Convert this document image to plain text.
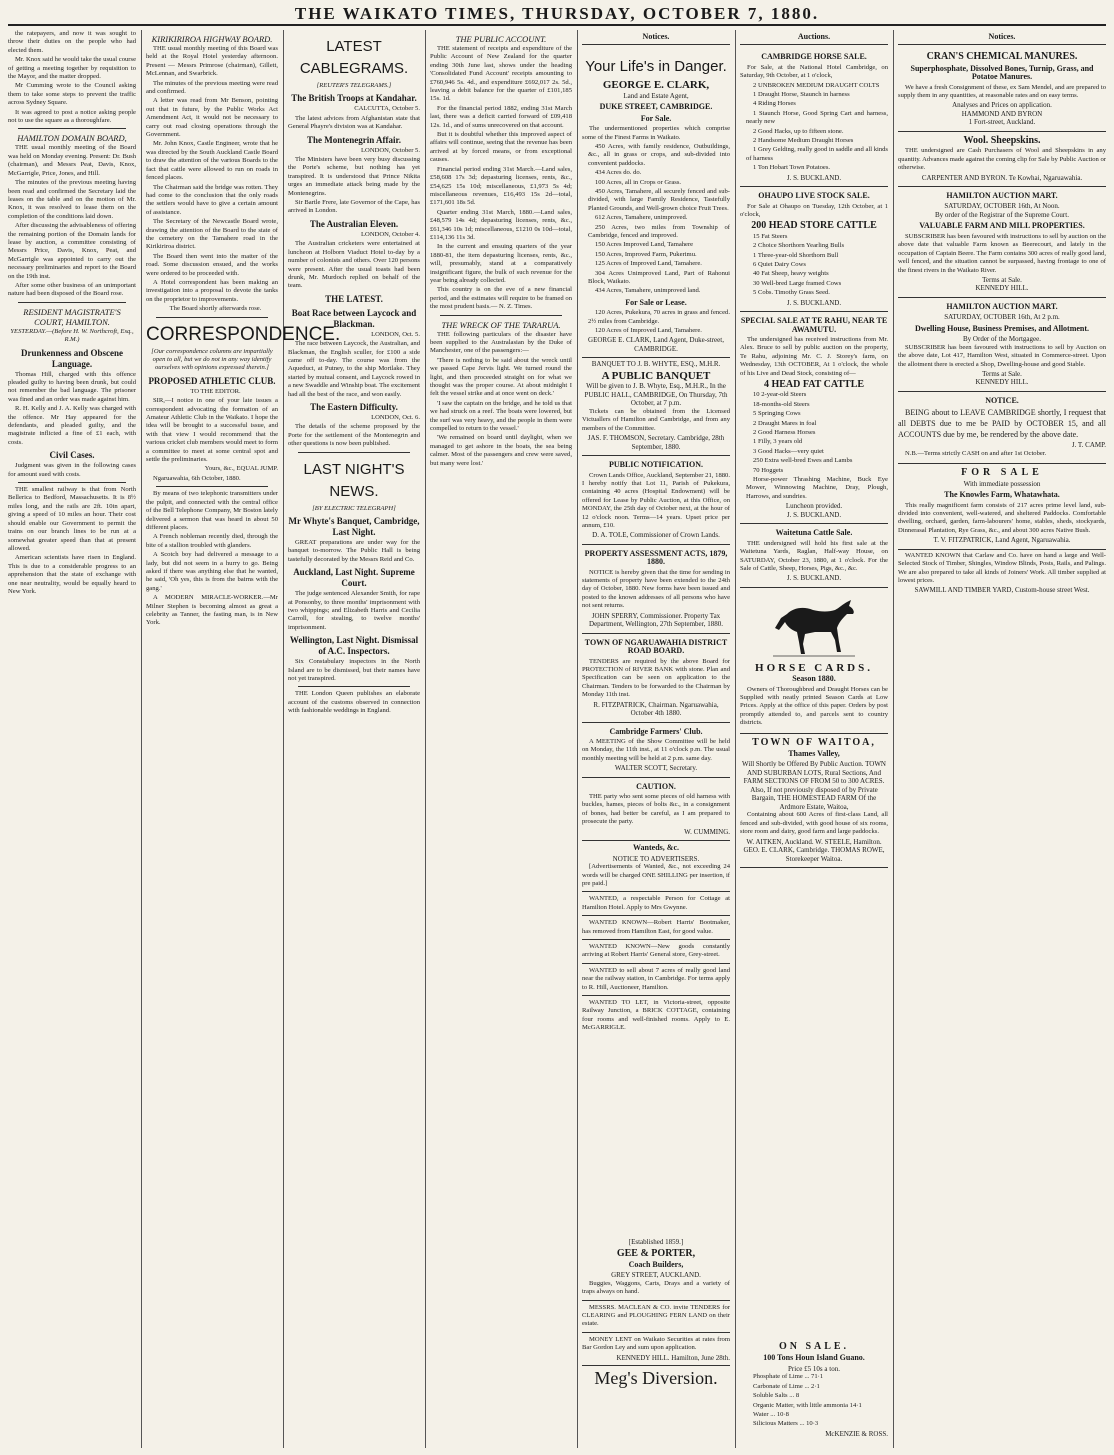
THE WAIKATO TIMES, THURSDAY, OCTOBER 7, 1880.

the ratepayers, and now it was sought to throw their duties on the people who had elected them.

Mr. Knox said he would take the usual course of getting a meeting together by requisition to the Mayor, and the matter dropped.

Mr Cumming wrote to the Council asking them to take some steps to prevent the traffic across Sydney Square.

It was agreed to post a notice asking people not to use the square as a thoroughfare.

HAMILTON DOMAIN BOARD,

THE usual monthly meeting of the Board was held on Monday evening. Present: Dr. Bush (chairman), and Messrs Peat, Davis, Knox, McGarrigle, Price, Jones, and Hill.

The minutes of the previous meeting having been read and confirmed the Secretary laid the leases on the table and on the motion of Mr. Knox, it was resolved to lease them on the completion of the conditions laid down.

After discussing the advisableness of offering the remaining portion of the Domain lands for lease by auction, a committee consisting of Messrs Price, Davis, Knox, Peat, and McGarrigle was appointed to carry out the necessary preliminaries and report to the Board on the 19th inst.

After some other business of an unimportant nature had been disposed of the Board rose.

RESIDENT MAGISTRATE'S COURT, HAMILTON.
YESTERDAY.—(Before H. W. Northcroft, Esq., R.M.)
Drunkenness and Obscene Language.

Thomas Hill, charged with this offence pleaded guilty to having been drunk, but could not remember the bad language. The prisoner was fined and an order was made against him.

R. H. Kelly and J. A. Kelly was charged with the offence. Mr Hay appeared for the defendants, and pleaded guilty, and the magistrate inflicted a fine of £1 each, with costs.

Civil Cases.

Judgment was given in the following cases for amount sued with costs.

THE smallest railway is that from North Bellerica to Bedford, Massachusetts. It is 8½ miles long, and the rails are 2ft. 10in apart, giving a speed of 10 miles an hour. Their cost should enable our Government to permit the trains on our branch lines to be run at a somewhat greater speed than that at present allowed.

American scientists have risen in England. This is due to a considerable progress to an apprehension that the state of exchange with one near neutrality, would be equally heard to New York.

KIRIKIRIROA HIGHWAY BOARD.

THE usual monthly meeting of this Board was held at the Royal Hotel yesterday afternoon. Present — Messrs Primrose (chairman), Gillett, McLennan, and Swarbrick.

The minutes of the previous meeting were read and confirmed.

A letter was read from Mr Benson, pointing out that in future, by the Public Works Act Amendment Act, it would not be necessary to carry out road closing operations through the Government.

Mr. John Knox, Castle Engineer, wrote that he was directed by the South Auckland Castle Board to draw the attention of the various Boards to the fact that cattle were allowed to run on roads in fenced places.

The Chairman said the bridge was rotten. They had come to the conclusion that the only roads the settlers would have to give a certain amount of assistance.

The Secretary of the Newcastle Board wrote, drawing the attention of the Board to the state of the cemetery on the Tamahere road in the Kirikiriroa district.

The Board then went into the matter of the road. Some discussion ensued, and the works were ordered to be proceeded with.

A Hotel correspondent has been making an investigation into a proposal to devote the tanks on the proprietor to improvements.

The Board shortly afterwards rose.

CORRESPONDENCE.
[Our correspondence columns are impartially open to all, but we do not in any way identify ourselves with opinions expressed therein.]
PROPOSED ATHLETIC CLUB.

TO THE EDITOR.

SIR,—I notice in one of your late issues a correspondent advocating the formation of an Amateur Athletic Club in the Waikato. I hope the idea will be brought to a successful issue, and with that view I would recommend that the various cricket club members would meet to form a committee to meet at some central spot and settle the preliminaries.

Yours, &c., EQUAL JUMP.

Ngaruawahia, 6th October, 1880.

By means of two telephonic transmitters under the pulpit, and connected with the central office of the Bell Telephone Company, Mr Boston lately delivered a sermon that was heard in about 50 different places.

A French nobleman recently died, through the bite of a stallion troubled with glanders.

A Scotch boy had delivered a message to a lady, but did not seem in a hurry to go. Being asked if there was anything else that he wanted, he said, 'Oh yes, this is from the bairns with the gang.'

A MODERN MIRACLE-WORKER.—Mr Milner Stephen is becoming almost as great a celebrity as Tanner, the fasting man, is in New York.

LATEST CABLEGRAMS.
[REUTER'S TELEGRAMS.]
The British Troops at Kandahar.

CALCUTTA, October 5.

The latest advices from Afghanistan state that General Phayre's division was at Kandahar.

The Montenegrin Affair.

LONDON, October 5.

The Ministers have been very busy discussing the Porte's scheme, but nothing has yet transpired. It is understood that Prince Nikita urges an immediate attack being made by the Montenegrins.

Sir Bartle Frere, late Governor of the Cape, has arrived in London.

The Australian Eleven.

LONDON, October 4.

The Australian cricketers were entertained at luncheon at Holborn Viaduct Hotel to-day by a number of colonists and others. Over 120 persons were present. After the usual toasts had been drunk, Mr. Murdoch replied on behalf of the team.

THE LATEST.
Boat Race between Laycock and Blackman.

LONDON, Oct. 5.

The race between Laycock, the Australian, and Blackman, the English sculler, for £100 a side came off to-day. The course was from the Aqueduct, at Putney, to the ship Mortlake. They started by mutual consent, and Laycock rowed in a new Swaddle and Winship boat. The excitement had all the best of the race, and won easily.

The Eastern Difficulty.

LONDON, Oct. 6.

The details of the scheme proposed by the Porte for the settlement of the Montenegrin and other questions is now been published.

LAST NIGHT'S NEWS.
[BY ELECTRIC TELEGRAPH]
Mr Whyte's Banquet, Cambridge, Last Night.

GREAT preparations are under way for the banquet to-morrow. The Public Hall is being tastefully decorated by the Messrs Reid and Co.

Auckland, Last Night. Supreme Court.

The judge sentenced Alexander Smith, for rape at Ponsonby, to three months' imprisonment with two whippings; and Elizabeth Harris and Cecilia Carroll, for stealing, to twelve months' imprisonment.

Wellington, Last Night. Dismissal of A.C. Inspectors.

Six Constabulary inspectors in the North Island are to be dismissed, but their names have not yet transpired.

THE London Queen publishes an elaborate account of the customs observed in connection with fashionable weddings in England.

THE PUBLIC ACCOUNT.

THE statement of receipts and expenditure of the Public Account of New Zealand for the quarter ending 30th June last, shows under the heading 'Consolidated Fund Account' receipts amounting to £760,946 5s. 4d., and expenditure £692,017 2s. 5d., leaving a debit balance for the quarter of £101,185 15s. 1d.

For the financial period 1882, ending 31st March last, there was a deficit carried forward of £09,418 12s. 1d., and of sums unrecovered on that account.

But it is doubtful whether this improved aspect of affairs will continue, seeing that the revenue has been arrived at by forced means, or from exceptional causes.

Financial period ending 31st March.—Land sales, £58,608 17s 3d; depasturing licenses, rents, &c., £54,625 15s 10d; miscellaneous, £1,973 5s 4d; miscellaneous revenues, £16,493 15s 2d—total, £171,601 18s 5d.

Quarter ending 31st March, 1880.—Land sales, £48,579 14s 4d; depasturing licenses, rents, &c., £61,346 10s 1d; miscellaneous, £1210 0s 10d—total, £114,136 11s 3d.

In the current and ensuing quarters of the year 1880-81, the item depasturing licenses, rents, &c., will, presumably, stand at a comparatively insignificant figure, the bulk of such revenue for the year being already collected.

This country is on the eve of a new financial period, and the estimates will require to be framed on the most prudent basis.— N. Z. Times.

THE WRECK OF THE TARARUA.

THE following particulars of the disaster have been supplied to the Australasian by the Duke of Manchester, one of the passengers:—

'There is nothing to be said about the wreck until we passed Cape Jervis light. We turned round the light, and then proceeded straight on for what we thought was the proper course. At about midnight I felt the vessel strike and at once went on deck.'

'I saw the captain on the bridge, and he told us that we had struck on a reef. The boats were lowered, but the surf was very heavy, and the people in them were compelled to return to the vessel.'

'We remained on board until daylight, when we managed to get ashore in the boats, the sea being calmer. Most of the passengers and crew were saved, but many were lost.'

Notices.
Your Life's in Danger.
GEORGE E. CLARK,
Land and Estate Agent,
DUKE STREET, CAMBRIDGE.
For Sale.

The undermentioned properties which comprise some of the Finest Farms in Waikato.

450 Acres, with family residence, Outbuildings, &c., all in grass or crops, and sub-divided into convenient paddocks.

434 Acres do. do.

100 Acres, all in Crops or Grass.

450 Acres, Tamahere, all securely fenced and sub-divided, with large Family Residence, Tastefully Planted Grounds, and Well-grown choice Fruit Trees.

612 Acres, Tamahere, unimproved.

250 Acres, two miles from Township of Cambridge, fenced and improved.

150 Acres Improved Land, Tamahere

150 Acres, Improved Farm, Pukerimu.

125 Acres of Improved Land, Tamahere.

304 Acres Unimproved Land, Part of Rahonui Block, Waikato.

434 Acres, Tamahere, unimproved land.

For Sale or Lease.

120 Acres, Pukekura, 70 acres in grass and fenced. 2½ miles from Cambridge.

120 Acres of Improved Land, Tamahere.

GEORGE E. CLARK, Land Agent, Duke-street, CAMBRIDGE.
BANQUET TO J. B. WHYTE, ESQ., M.H.R.
A PUBLIC BANQUET
Will be given to J. B. Whyte, Esq., M.H.R., In the PUBLIC HALL, CAMBRIDGE, On Thursday, 7th October, at 7 p.m.

Tickets can be obtained from the Licensed Victuallers of Hamilton and Cambridge, and from any members of the Committee.

JAS. F. THOMSON, Secretary. Cambridge, 28th September, 1880.
PUBLIC NOTIFICATION.

Crown Lands Office, Auckland, September 21, 1880. I hereby notify that Lot 11, Parish of Pukekura, containing 40 acres (Hospital Endowment) will be offered for Lease by Public Auction, at this Office, on MONDAY, the 25th day of October next, at the hour of 12 o'clock noon. Terms—14 years. Upset price per annum, £10.

D. A. TOLE, Commissioner of Crown Lands.
PROPERTY ASSESSMENT ACTS, 1879, 1880.

NOTICE is hereby given that the time for sending in statements of property have been extended to the 24th day of October, 1880. New forms have been issued and posted to the known addresses of all persons who have not sent returns.

JOHN SPERRY, Commissioner. Property Tax Department, Wellington, 27th September, 1880.
TOWN OF NGARUAWAHIA DISTRICT ROAD BOARD.

TENDERS are required by the above Board for PROTECTION of RIVER BANK with stone. Plan and Specification can be seen on application to the Chairman. Tenders to be forwarded to the Chairman by Monday 11th inst.

R. FITZPATRICK, Chairman. Ngaruawahia, October 4th 1880.
Cambridge Farmers' Club.

A MEETING of the Show Committee will be held on Monday, the 11th inst., at 11 o'clock p.m. The usual monthly meeting will be held at 2 p.m. same day.

WALTER SCOTT, Secretary.
CAUTION.

THE party who sent some pieces of old harness with buckles, hames, pieces of bolts &c., in a consignment of bones, had better be careful, as I am prepared to prosecute the party.

W. CUMMING.
Wanteds, &c.
NOTICE TO ADVERTISERS.

[Advertisements of Wanted, &c., not exceeding 24 words will be charged ONE SHILLING per insertion, if pre paid.]

WANTED, a respectable Person for Cottage at Hamilton Hotel. Apply to Mrs Gwynne.

WANTED KNOWN—Robert Harris' Bootmaker, has removed from Hamilton East, for good value.

WANTED KNOWN—New goods constantly arriving at Robert Harris' General store, Grey-street.

WANTED to sell about 7 acres of really good land near the railway station, in Cambridge. For terms apply to R. Hill, Auctioneer, Hamilton.

WANTED TO LET, in Victoria-street, opposite Railway Junction, a BRICK COTTAGE, containing four rooms and well-finished rooms. Apply to E. McGARRIGLE.

[Established 1859.]
GEE & PORTER,
Coach Builders,
GREY STREET, AUCKLAND.

Buggies, Waggons, Carts, Drays and a variety of traps always on hand.

MESSRS. MACLEAN & CO. invite TENDERS for CLEARING and PLOUGHING FERN LAND on their estate.

MONEY LENT on Waikato Securities at rates from Bar Gordon Ley and sum upon application.

KENNEDY HILL. Hamilton, June 28th.
Meg's Diversion.
Auctions.
CAMBRIDGE HORSE SALE.

For Sale, at the National Hotel Cambridge, on Saturday, 9th October, at 1 o'clock,

2 UNBROKEN MEDIUM DRAUGHT COLTS

1 Draught Horse, Staunch in harness

4 Riding Horses

1 Staunch Horse, Good Spring Cart and harness, nearly new

2 Good Hacks, up to fifteen stone.

2 Handsome Medium Draught Horses

1 Grey Gelding, really good in saddle and all kinds of harness

1 Ton Hobart Town Potatoes.

J. S. BUCKLAND.
OHAUPO LIVE STOCK SALE.

For Sale at Ohaupo on Tuesday, 12th October, at 1 o'clock,

200 HEAD STORE CATTLE

15 Fat Steers

2 Choice Shorthorn Yearling Bulls

1 Three-year-old Shorthorn Bull

6 Quiet Dairy Cows

40 Fat Sheep, heavy weights

30 Well-bred Large framed Cows

5 Cobs. Timothy Grass Seed.

J. S. BUCKLAND.
SPECIAL SALE AT TE RAHU, NEAR TE AWAMUTU.

The undersigned has received instructions from Mr. Alex. Bruce to sell by public auction on the property, Te Rahu, adjoining Mr. C. J. Storey's farm, on Wednesday, 13th OCTOBER, At 1 o'clock, the whole of his Live and Dead Stock, consisting of—

4 HEAD FAT CATTLE

10 2-year-old Steers

18-months-old Steers

5 Springing Cows

2 Draught Mares in foal

2 Good Harness Horses

1 Filly, 3 years old

3 Good Hacks—very quiet

250 Extra well-bred Ewes and Lambs

70 Hoggets

Horse-power Thrashing Machine, Buck Eye Mower, Winnowing Machine, Dray, Plough, Harrows, and sundries.

Luncheon provided.
J. S. BUCKLAND.
Waitetuna Cattle Sale.

THE undersigned will hold his first sale at the Waitetuna Yards, Raglan, Half-way House, on SATURDAY, October 23, 1880, at 1 o'clock. For the Sale of Cattle, Sheep, Horses, Pigs, &c., &c.

J. S. BUCKLAND.
HORSE CARDS.
Season 1880.

Owners of Thoroughbred and Draught Horses can be Supplied with neatly printed Season Cards at Low Prices. Apply at the office of this paper. Orders by post promptly attended to, and parcels sent to country districts.

TOWN OF WAITOA,
Thames Valley,
Will Shortly be Offered By Public Auction. TOWN AND SUBURBAN LOTS, Rural Sections, And FARM SECTIONS OF FROM 50 to 300 ACRES. Also, If not previously disposed of by Private Bargain, THE HOMESTEAD FARM Of the Ardmore Estate, Waitoa,

Containing about 600 Acres of first-class Land, all fenced and sub-divided, with good house of six rooms, store room and dairy, good farm and large paddocks.

W. AITKEN, Auckland. W. STEELE, Hamilton. GEO. E. CLARK, Cambridge. THOMAS ROWE, Storekeeper Waitoa.
ON SALE.
100 Tons Houn Island Guano.
Price £5 10s a ton.

Phosphate of Lime ... 71·1

Carbonate of Lime ... 2·1

Soluble Salts ... 8

Organic Matter, with little ammonia 14·1

Water ... 10·8

Silicious Matters ... 10·3

McKENZIE & ROSS.
Notices.
CRAN'S CHEMICAL MANURES.
Superphosphate, Dissolved Bones, Turnip, Grass, and Potatoe Manures.

We have a fresh Consignment of these, ex Sam Mendel, and are prepared to supply them in any quantities, at reasonable rates and on easy terms.

Analyses and Prices on application.
HAMMOND AND BYRON
1 Fort-street, Auckland.
Wool. Sheepskins.

THE undersigned are Cash Purchasers of Wool and Sheepskins in any quantity. Advances made against the coming clip for Sale by Public Auction or otherwise.

CARPENTER AND BYRON. Te Kowhai, Ngaruawahia.
HAMILTON AUCTION MART.
SATURDAY, OCTOBER 16th, At Noon.
By order of the Registrar of the Supreme Court.
VALUABLE FARM AND MILL PROPERTIES.

SUBSCRIBER has been favoured with instructions to sell by auction on the above date that valuable Farm known as Beerecourt, and lately in the occupation of Captain Beere. The Farm contains 300 acres of really good land, well fenced, and the situation cannot be surpassed, having frontage to one of the finest rivers in the Waikato River.

Terms at Sale.
KENNEDY HILL.
HAMILTON AUCTION MART.
SATURDAY, OCTOBER 16th, At 2 p.m.
Dwelling House, Business Premises, and Allotment.
By Order of the Mortgagee.

SUBSCRIBER has been favoured with instructions to sell by Auction on the above date, Lot 417, Hamilton West, situated in Commerce-street. Upon the allotment there is erected a Shop, Dwelling-house and good Stable.

Terms at Sale.
KENNEDY HILL.
NOTICE.

BEING about to LEAVE CAMBRIDGE shortly, I request that all DEBTS due to me be PAID by OCTOBER 15, and all ACCOUNTS due by me, be rendered by the above date.

J. T. CAMP.

N.B.—Terms strictly CASH on and after 1st October.

FOR SALE
With immediate possession
The Knowles Farm, Whatawhata.

This really magnificent farm consists of 217 acres prime level land, sub-divided into convenient, well-watered, and sheltered Paddocks. Comfortable dwelling, orchard, garden, farm-labourers' home, stables, sheds, stockyards, Dinnerasal Plantation, Rye Grass, &c., and about 300 acres Native Bush.

T. V. FITZPATRICK, Land Agent, Ngaruawahia.

WANTED KNOWN that Carlaw and Co. have on hand a large and Well-Selected Stock of Timber, Shingles, Window Blinds, Posts, Rails, and Palings. We are also prepared to take all kinds of Joiners' Work. All timber supplied at lowest prices.

SAWMILL AND TIMBER YARD, Custom-house street West.
